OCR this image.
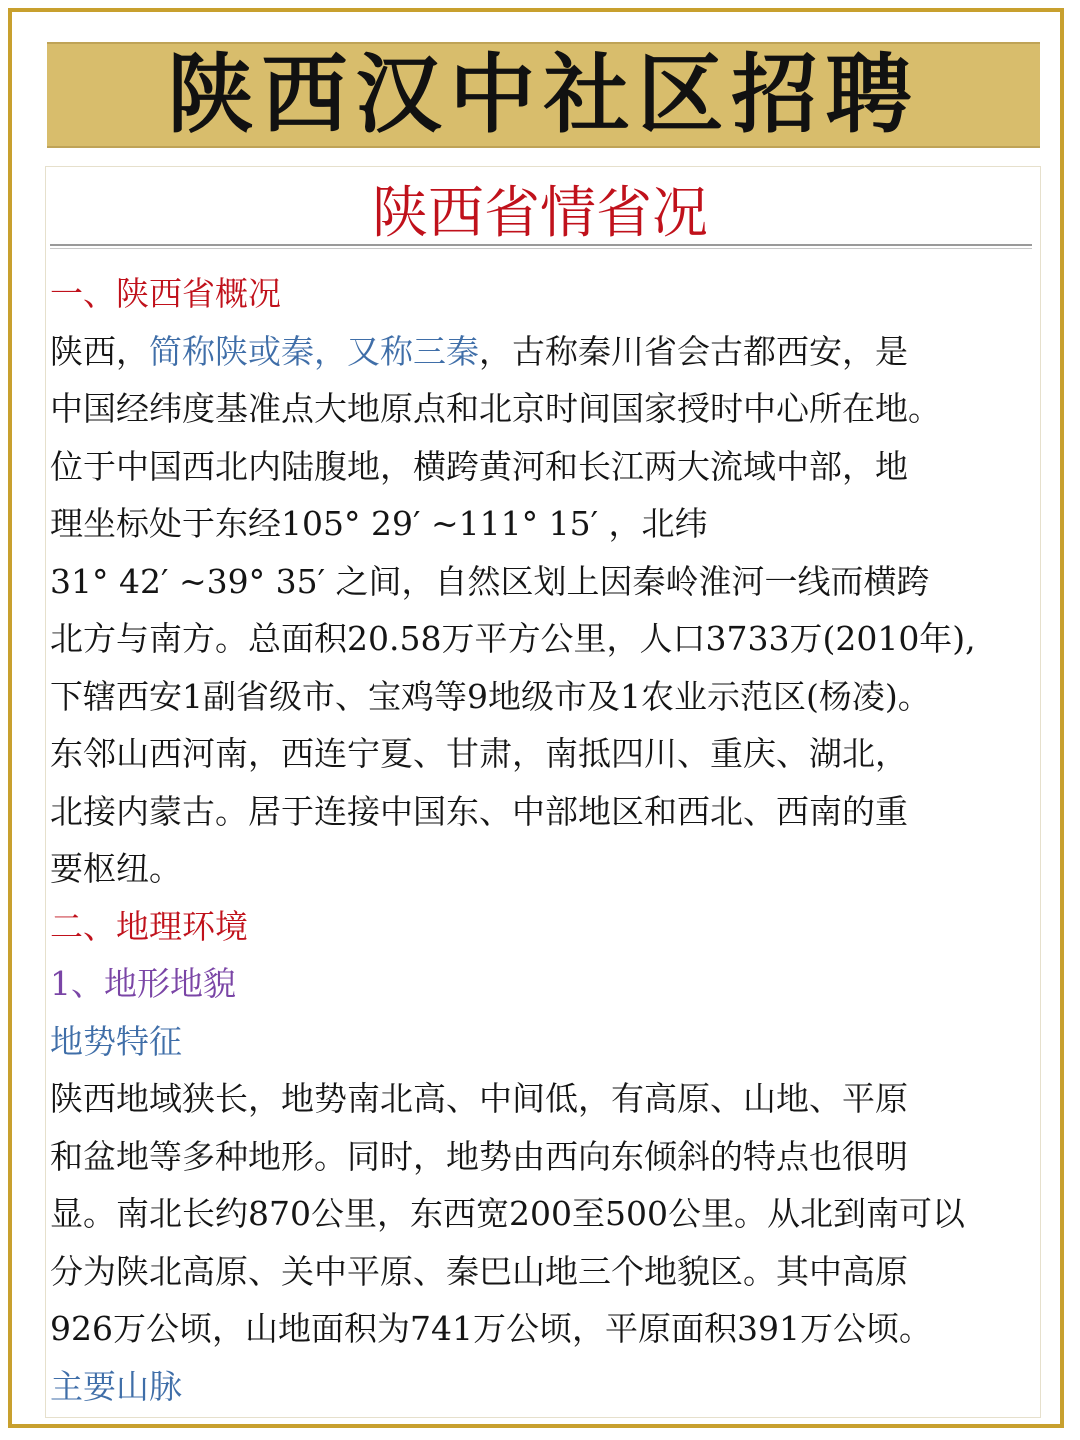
陕西汉中社区招聘
陕西省情省况
一、陕西省概况
陕西，简称陕或秦，又称三秦，古称秦川省会古都西安，是
中国经纬度基准点大地原点和北京时间国家授时中心所在地。
位于中国西北内陆腹地，横跨黄河和长江两大流域中部，地
理坐标处于东经105° 29′ ~111° 15′ ，北纬
31° 42′ ~39° 35′ 之间，自然区划上因秦岭淮河一线而横跨
北方与南方。总面积20.58万平方公里，人口3733万(2010年),
下辖西安1副省级市、宝鸡等9地级市及1农业示范区(杨凌)。
东邻山西河南，西连宁夏、甘肃，南抵四川、重庆、湖北，
北接内蒙古。居于连接中国东、中部地区和西北、西南的重
要枢纽。
二、地理环境
1、地形地貌
地势特征
陕西地域狭长，地势南北高、中间低，有高原、山地、平原
和盆地等多种地形。同时，地势由西向东倾斜的特点也很明
显。南北长约870公里，东西宽200至500公里。从北到南可以
分为陕北高原、关中平原、秦巴山地三个地貌区。其中高原
926万公顷，山地面积为741万公顷，平原面积391万公顷。
主要山脉
